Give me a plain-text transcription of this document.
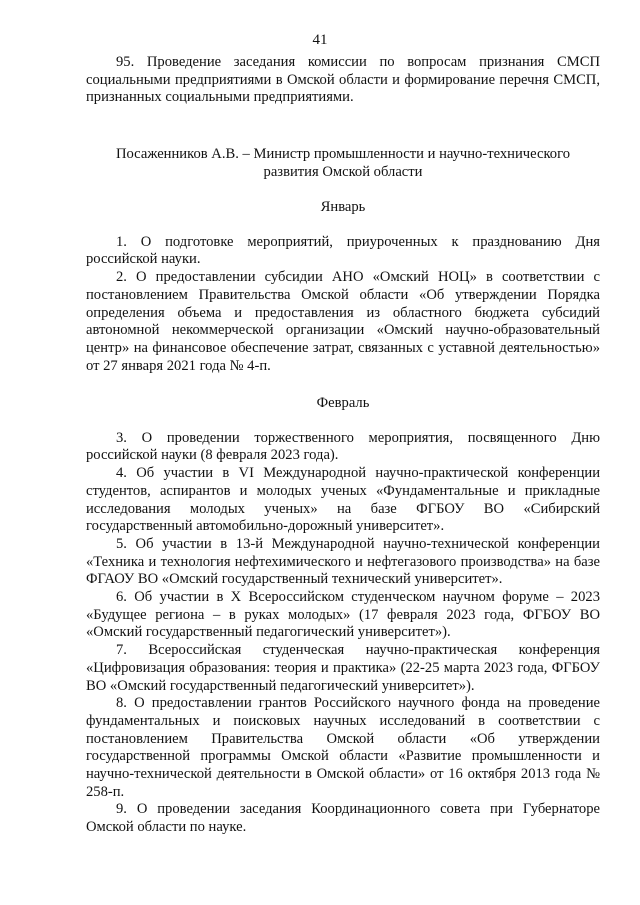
41

95. Проведение заседания комиссии по вопросам признания СМСП социальными предприятиями в Омской области и формирование перечня СМСП, признанных социальными предприятиями.

Посаженников А.В. – Министр промышленности и научно-технического

развития Омской области

Январь

1. О подготовке мероприятий, приуроченных к празднованию Дня российской науки.

2. О предоставлении субсидии АНО «Омский НОЦ» в соответствии с постановлением Правительства Омской области «Об утверждении Порядка определения объема и предоставления из областного бюджета субсидий автономной некоммерческой организации «Омский научно-образовательный центр» на финансовое обеспечение затрат, связанных с уставной деятельностью» от 27 января 2021 года № 4-п.

Февраль

3. О проведении торжественного мероприятия, посвященного Дню российской науки (8 февраля 2023 года).

4. Об участии в VI Международной научно-практической конференции студентов, аспирантов и молодых ученых «Фундаментальные и прикладные исследования молодых ученых» на базе ФГБОУ ВО «Сибирский государственный автомобильно-дорожный университет».

5. Об участии в 13-й Международной научно-технической конференции «Техника и технология нефтехимического и нефтегазового производства» на базе ФГАОУ ВО «Омский государственный технический университет».

6. Об участии в X Всероссийском студенческом научном форуме – 2023 «Будущее региона – в руках молодых» (17 февраля 2023 года, ФГБОУ ВО «Омский государственный педагогический университет»).

7. Всероссийская студенческая научно-практическая конференция «Цифровизация образования: теория и практика» (22-25 марта 2023 года, ФГБОУ ВО «Омский государственный педагогический университет»).

8. О предоставлении грантов Российского научного фонда на проведение фундаментальных и поисковых научных исследований в соответствии с постановлением Правительства Омской области «Об утверждении государственной программы Омской области «Развитие промышленности и научно-технической деятельности в Омской области» от 16 октября 2013 года № 258-п.

9. О проведении заседания Координационного совета при Губернаторе Омской области по науке.
